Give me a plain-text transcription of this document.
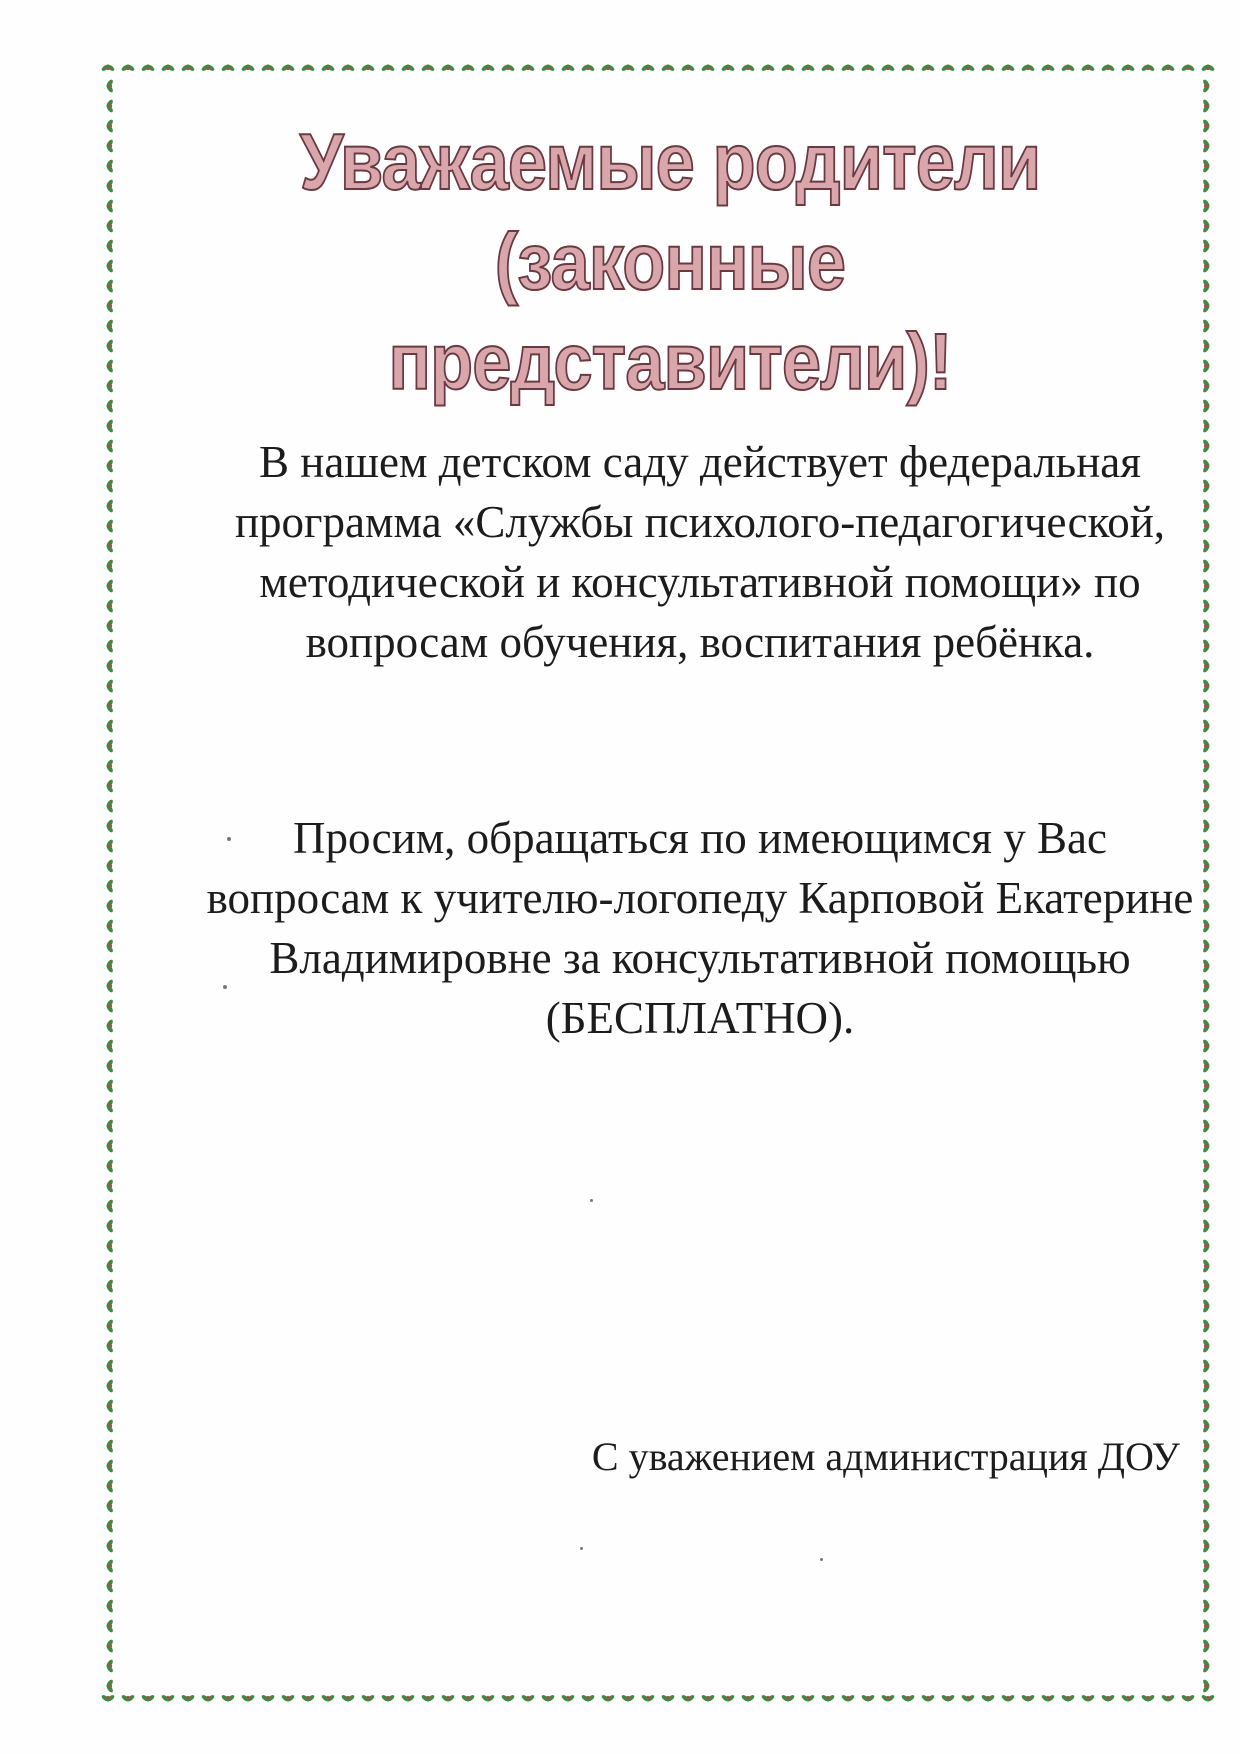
Уважаемые родители
(законные представители)!

В нашем детском саду действует федеральная программа «Службы психолого-педагогической, методической и консультативной помощи» по вопросам обучения, воспитания ребёнка.

Просим, обращаться по имеющимся у Вас вопросам к учителю-логопеду Карповой Екатерине Владимировне за консультативной помощью (БЕСПЛАТНО).

С уважением администрация ДОУ
